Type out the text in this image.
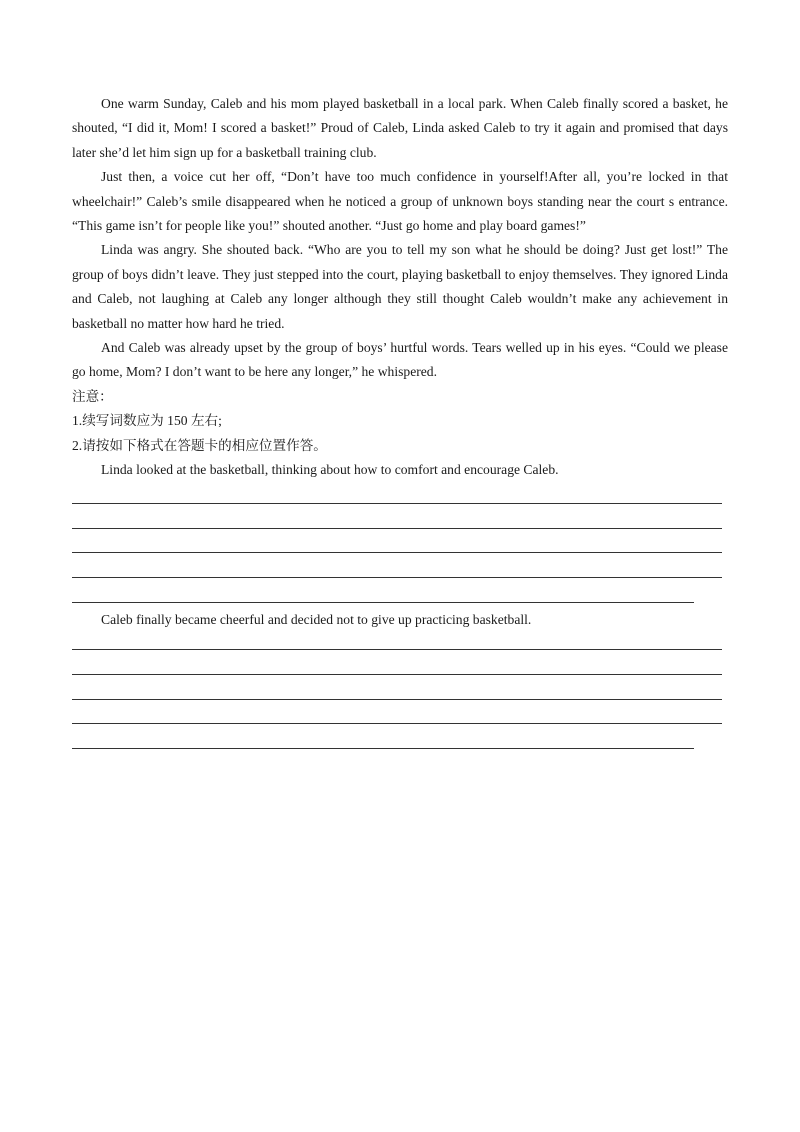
One warm Sunday, Caleb and his mom played basketball in a local park. When Caleb finally scored a basket, he shouted, “I did it, Mom! I scored a basket!” Proud of Caleb, Linda asked Caleb to try it again and promised that days later she’d let him sign up for a basketball training club.

Just then, a voice cut her off, “Don’t have too much confidence in yourself!After all, you’re locked in that wheelchair!” Caleb’s smile disappeared when he noticed a group of unknown boys standing near the court s entrance. “This game isn’t for people like you!” shouted another. “Just go home and play board games!”

Linda was angry. She shouted back. “Who are you to tell my son what he should be doing? Just get lost!” The group of boys didn’t leave. They just stepped into the court, playing basketball to enjoy themselves. They ignored Linda and Caleb, not laughing at Caleb any longer although they still thought Caleb wouldn’t make any achievement in basketball no matter how hard he tried.

And Caleb was already upset by the group of boys’ hurtful words. Tears welled up in his eyes. “Could we please go home, Mom? I don’t want to be here any longer,” he whispered.

注意：

1.续写词数应为 150 左右;

2.请按如下格式在答题卡的相应位置作答。

Linda looked at the basketball, thinking about how to comfort and encourage Caleb.

Caleb finally became cheerful and decided not to give up practicing basketball.
